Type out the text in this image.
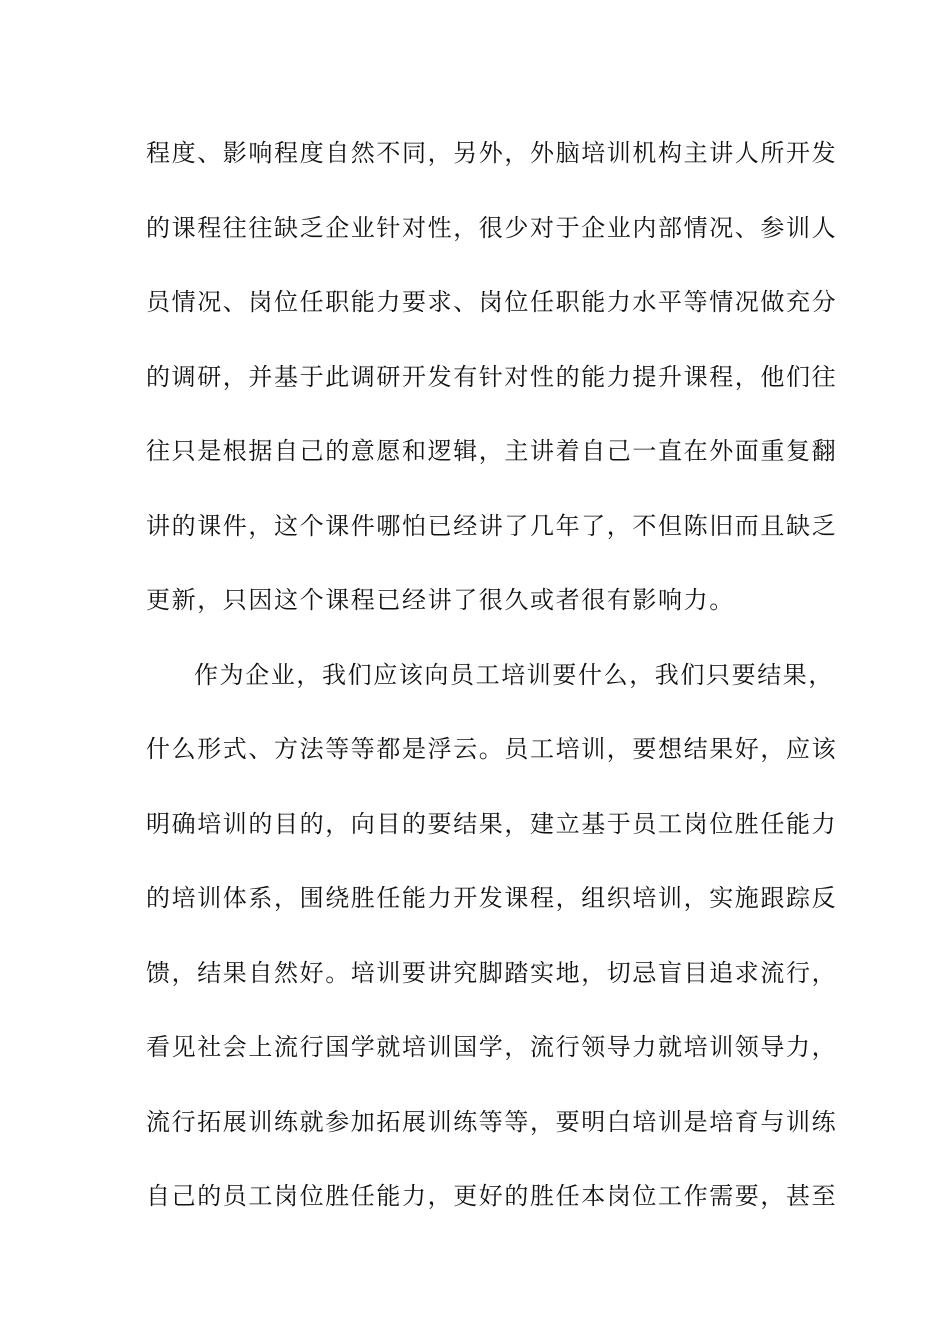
程度、影响程度自然不同，另外，外脑培训机构主讲人所开发
的课程往往缺乏企业针对性，很少对于企业内部情况、参训人
员情况、岗位任职能力要求、岗位任职能力水平等情况做充分
的调研，并基于此调研开发有针对性的能力提升课程，他们往
往只是根据自己的意愿和逻辑，主讲着自己一直在外面重复翻
讲的课件，这个课件哪怕已经讲了几年了，不但陈旧而且缺乏
更新，只因这个课程已经讲了很久或者很有影响力。
作为企业，我们应该向员工培训要什么，我们只要结果，
什么形式、方法等等都是浮云。员工培训，要想结果好，应该
明确培训的目的，向目的要结果，建立基于员工岗位胜任能力
的培训体系，围绕胜任能力开发课程，组织培训，实施跟踪反
馈，结果自然好。培训要讲究脚踏实地，切忌盲目追求流行，
看见社会上流行国学就培训国学，流行领导力就培训领导力，
流行拓展训练就参加拓展训练等等，要明白培训是培育与训练
自己的员工岗位胜任能力，更好的胜任本岗位工作需要，甚至
